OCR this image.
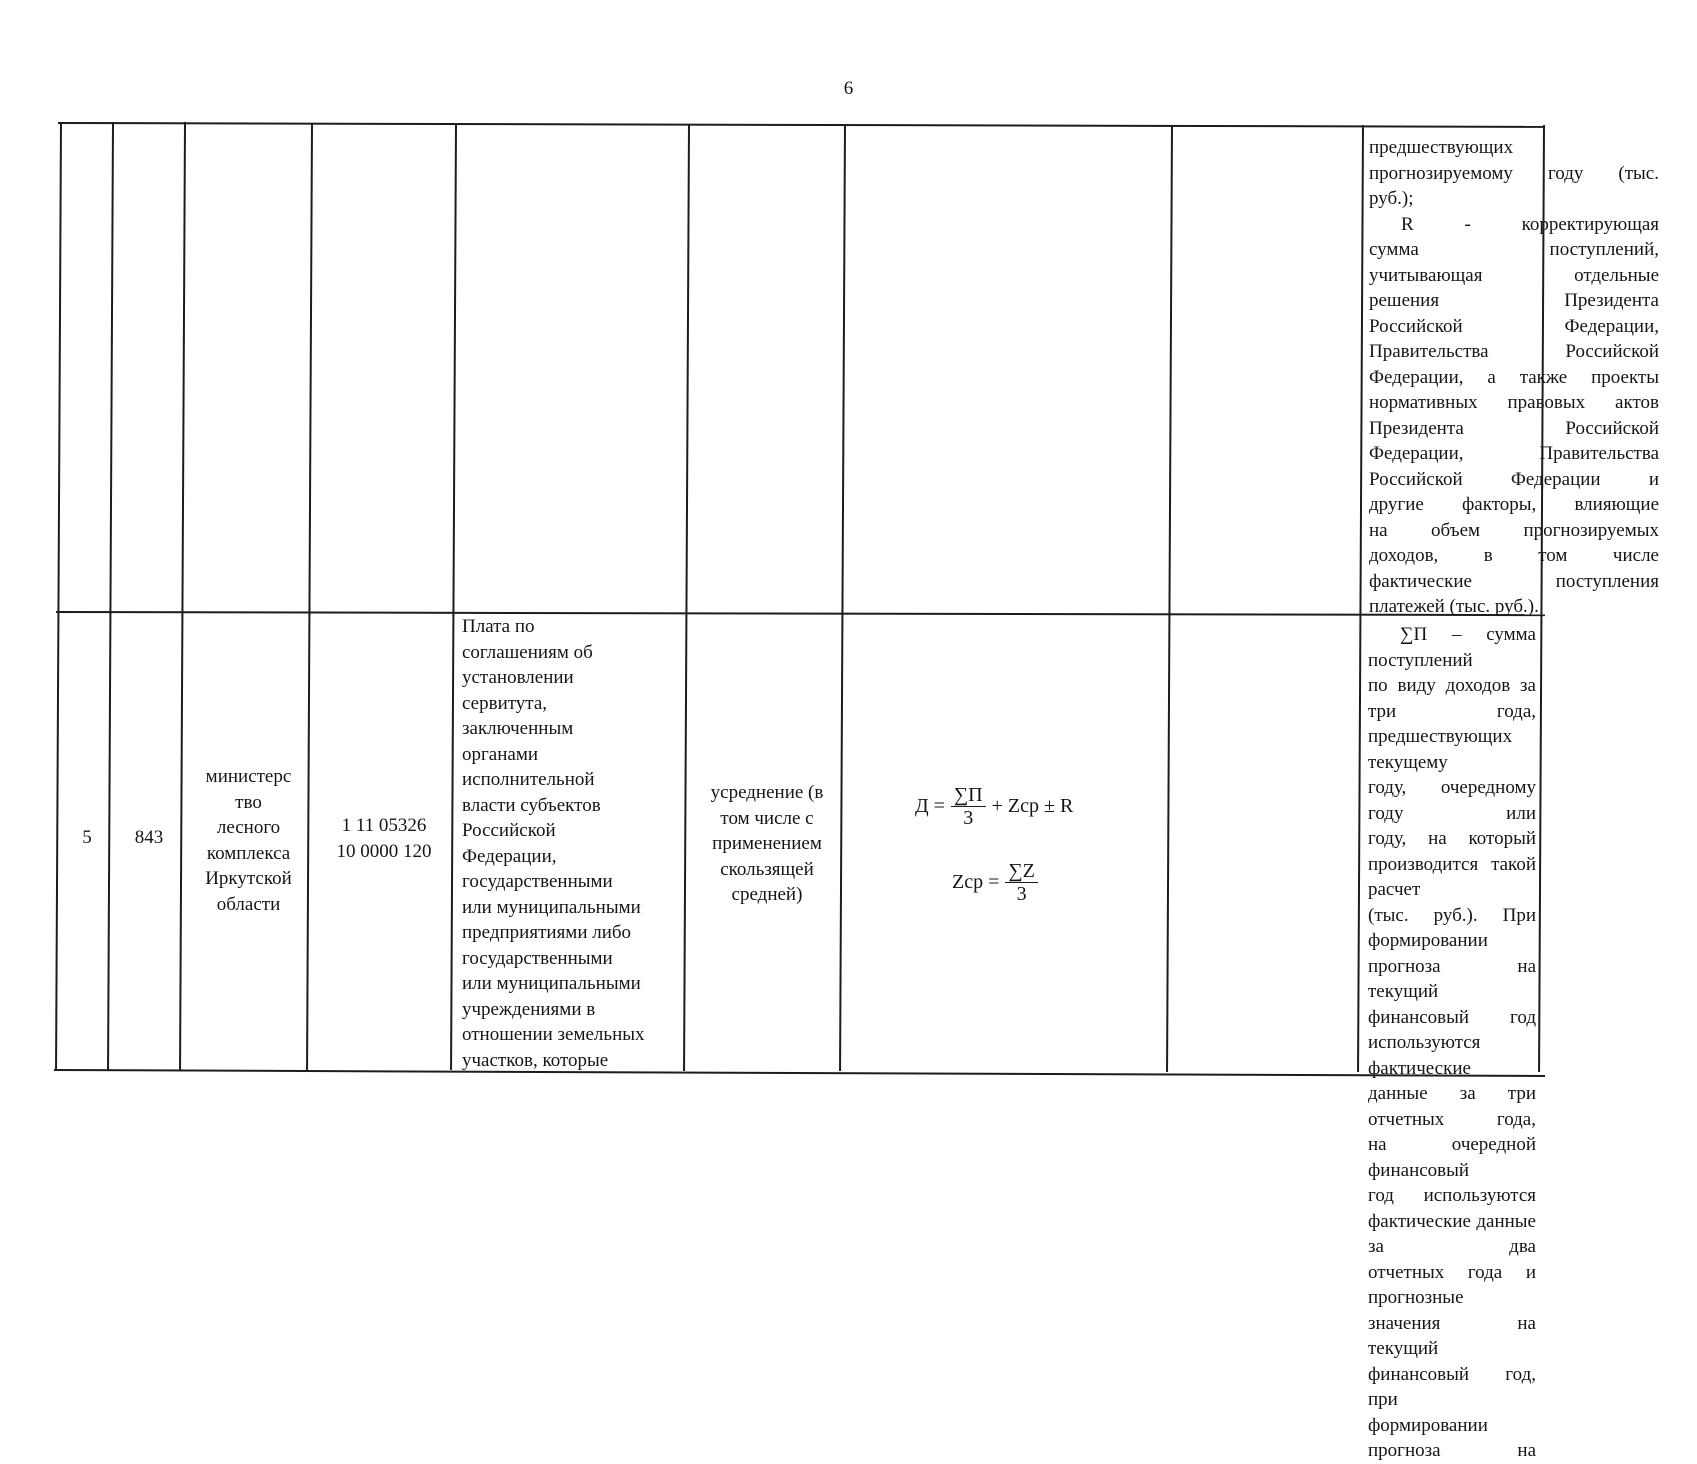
6

предшествующих

прогнозируемому году (тыс.

руб.);

R - корректирующая

сумма поступлений,

учитывающая отдельные

решения Президента

Российской Федерации,

Правительства Российской

Федерации, а также проекты

нормативных правовых актов

Президента Российской

Федерации, Правительства

Российской Федерации и

другие факторы, влияющие

на объем прогнозируемых

доходов, в том числе

фактические поступления

платежей (тыс. руб.).

5	843
министерс
тво
лесного
комплекса
Иркутской
области
1 11 05326
10 0000 120
Плата по
соглашениям об
установлении
сервитута,
заключенным
органами
исполнительной
власти субъектов
Российской
Федерации,
государственными
или муниципальными
предприятиями либо
государственными
или муниципальными
учреждениями в
отношении земельных
участков, которые
усреднение (в
том числе с
применением
скользящей
средней)
$Д = \frac{\sum П}{3}$ + Zср ± R
Zср = $\frac{\sum Z}{3}$

∑П – сумма поступлений

по виду доходов за три года,

предшествующих текущему

году, очередному году или

году, на который

производится такой расчет

(тыс. руб.). При

формировании прогноза на

текущий финансовый год

используются фактические

данные за три отчетных года,

на очередной финансовый

год используются

фактические данные за два

отчетных года и прогнозные

значения на текущий

финансовый год, при

формировании прогноза на
